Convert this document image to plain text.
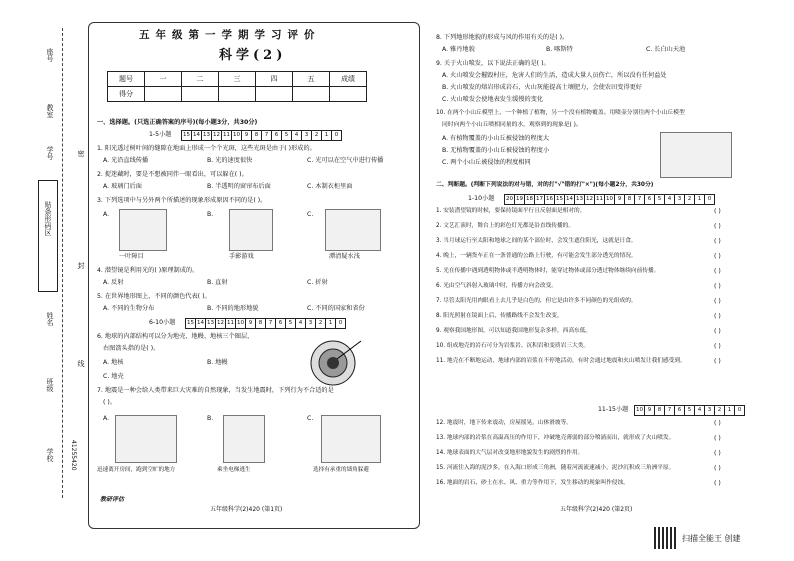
座号
教室
学号
贴条形码区
姓名
班级
学校
密
封
线
41255420
五年级第一学期学习评价
科学(2)
题号	一	二	三	四	五	成绩
得分						
一、选择题。(只选正确答案的序号)(每小题3分，共30分)
1-5小题 15 14 13 12 11 10 9	8	7	6	5	4	3	2	1	0
1. 阳光透过树叶间的缝隙在地面上形成一个个光斑，这些光斑是由于( )形成的。
A. 光沿直线传播	B. 光的速度很快	C. 光可以在空气中进行传播
2. 捉迷藏时，要是不想被同伴一眼看出，可以躲在( )。
A. 玻璃门后面	B. 半透明的窗帘布后面	C. 木制衣柜里面
3. 下列选项中与另外两个所描述的现象形成原因不同的是( )。
A.	B.	C.
一叶障目	手影游戏	潭清疑水浅
4. 潜望镜是利用光的( )原理制成的。
A. 反射	B. 直射	C. 折射
5. 在世界地形图上，不同的颜色代表( )。
A. 不同的生物分布	B. 不同的地形地貌	C. 不同的国家和省份
6-10小题 15 14 13 12 11 10 9	8	7	6	5	4	3	2	1	0
6. 地球的内部结构可以分为地壳、地幔、地核三个圈层，
右图箭头指的是( )。
A. 地核	B. 地幔
C. 地壳
7. 地震是一种会给人类带来巨大灾难的自然现象，当发生地震时，下列行为不合适的是
( )。
A.	B.	C.
迅速离开房间，跑到空旷的地方	乘坐电梯逃生	选择有承重的墙角躲避
教研评估
五年级科学(2)420 (第1页)
8. 下列地形地貌的形成与风的作用有关的是( )。
A. 雅丹地貌	B. 喀斯特	C. 长白山天池
9. 关于火山喷发，以下说法正确的是( )。
A. 火山喷发会摧毁村庄，危害人们的生活，造成大量人员伤亡，所以没有任何益处
B. 火山喷发的熔岩形成岩石，火山灰能提高土壤肥力，会使农田变得更好
C. 火山喷发会使地表发生缓慢的变化
10. 在两个小山丘模型上，一个种植了植物，另一个没有植物覆盖。用喷壶分别往两个小山丘模型
同时向两个小山丘喷相同量的水，观察到的现象是( )。
A. 有植物覆盖的小山丘被侵蚀的程度大
B. 无植物覆盖的小山丘被侵蚀的程度小
C. 两个小山丘被侵蚀的程度相同
二、判断题。(判断下列说法的对与错，对的打"√"错的打"×")(每小题2分，共30分)
1-10小题 20 19 18 17 16 15 14 13 12 11 10 9	8	7	6	5	4	3	2	1	0
1. 安装潜望镜的时候，要保持镜面平行且反射面是相对的。	( )
2. 文艺汇演时，舞台上的彩色灯光都是沿直线传播的。	( )
3. 当月球运行至太阳和地球之间的某个部位时，会发生遮住阳光，这就是日食。	( )
4. 晚上，一辆货车正在一条普通的公路上行驶，有可能会发生部分透光的情况。	( )
5. 光在传播中遇到透明物体或半透明物体时，能穿过物体或部分透过物体继续向前传播。	( )
6. 光由空气斜射入玻璃中时，传播方向会改变。	( )
7. 尽管太阳光用肉眼看上去几乎是白色的，但它是由许多不同颜色的光组成的。	( )
8. 阳光照射在镜面上后，传播路线不会发生改变。	( )
9. 观察我国地形图，可以知道我国地形复杂多样，西高东低。	( )
10. 组成地壳的岩石可分为岩浆岩、沉积岩和变质岩三大类。	( )
11. 地壳在不断地运动，地球内部的岩浆在不停地活动，有时会通过地震和火山喷发让我们感受到。	( )
12. 地震时，地下传来震动，房屋摇晃，山体滑坡等。	( )
13. 地球内部的岩浆在高温高压的作用下，冲破地壳薄弱的部分喷涌而出，就形成了火山喷发。	( )
14. 地球表面的大气层对改变地形地貌发生的剧烈的作用。	( )
15. 河流往入海的泥沙多，在入海口形成三角洲，随着河流流速减小，泥沙沉积成三角洲平原。	( )
16. 地面的岩石、砂土在水、风、重力等作用下，发生移动的现象叫作侵蚀。	( )
11-15小题 10 9	8	7	6	5	4	3	2	1	0
五年级科学(2)420 (第2页)
扫描全能王 创建
